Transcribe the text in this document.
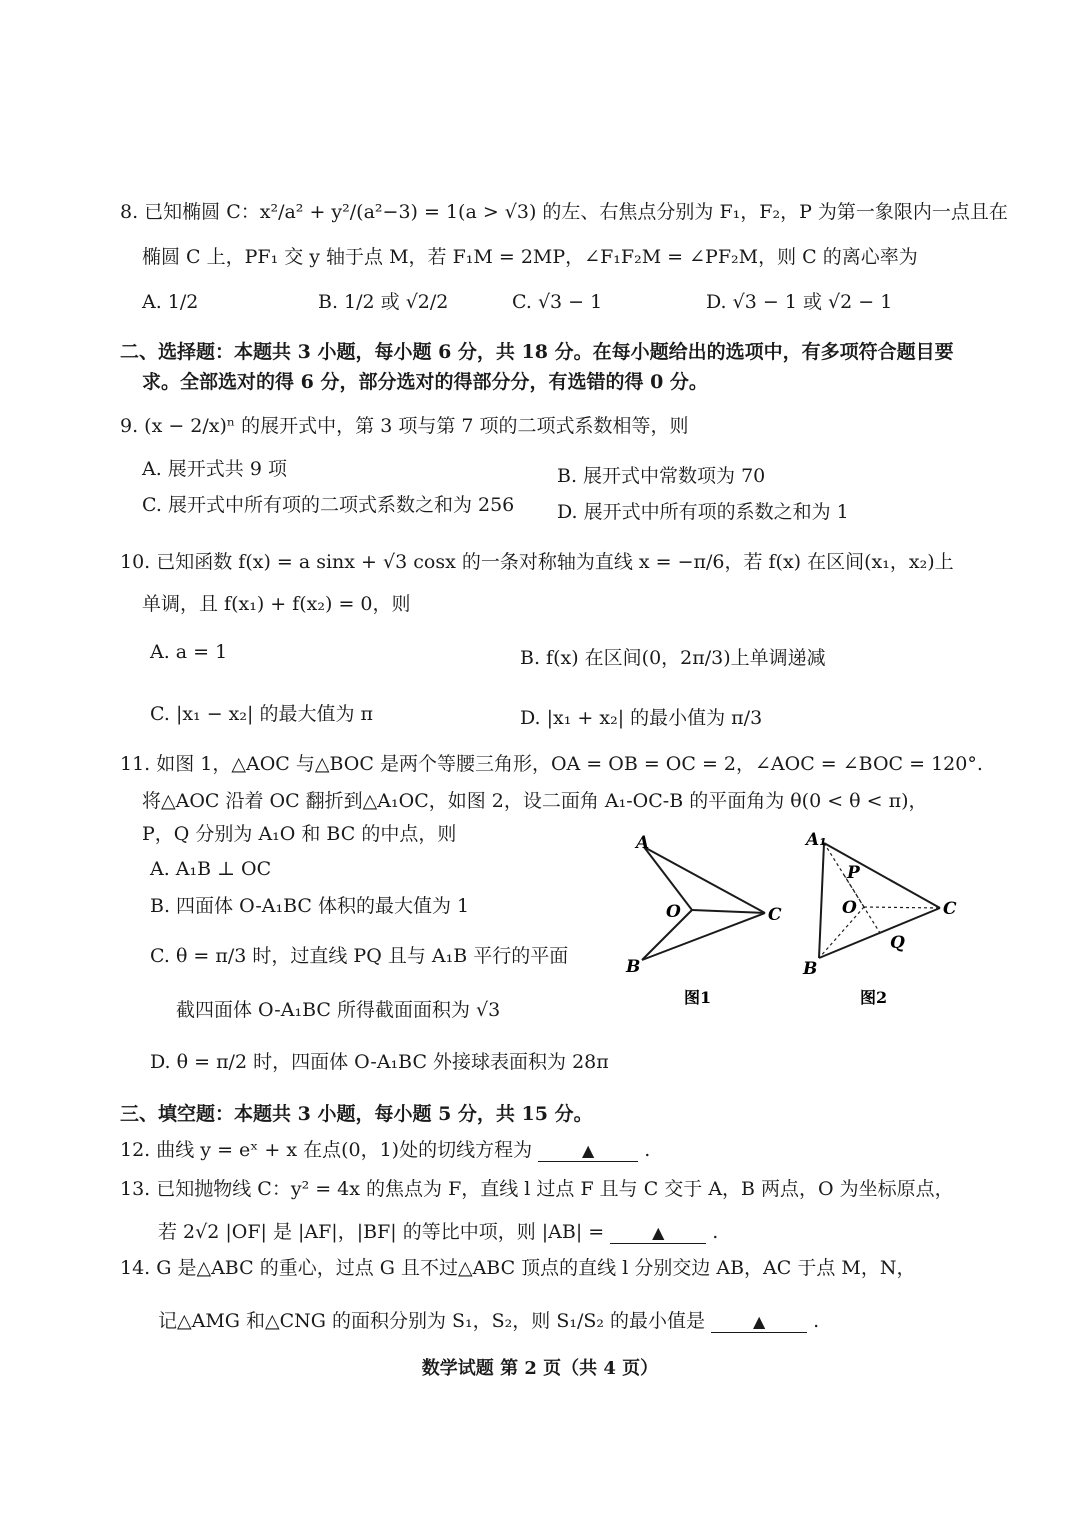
8. 已知椭圆 C：x²/a² + y²/(a²−3) = 1(a > √3) 的左、右焦点分别为 F₁，F₂，P 为第一象限内一点且在
椭圆 C 上，PF₁ 交 y 轴于点 M，若 F₁M = 2MP，∠F₁F₂M = ∠PF₂M，则 C 的离心率为
A. 1/2	B. 1/2 或 √2/2	C. √3 − 1	D. √3 − 1 或 √2 − 1
二、选择题：本题共 3 小题，每小题 6 分，共 18 分。在每小题给出的选项中，有多项符合题目要
求。全部选对的得 6 分，部分选对的得部分分，有选错的得 0 分。
9. (x − 2/x)ⁿ 的展开式中，第 3 项与第 7 项的二项式系数相等，则
A. 展开式共 9 项	B. 展开式中常数项为 70
C. 展开式中所有项的二项式系数之和为 256 D. 展开式中所有项的系数之和为 1
10. 已知函数 f(x) = a sinx + √3 cosx 的一条对称轴为直线 x = −π/6，若 f(x) 在区间(x₁，x₂)上
单调，且 f(x₁) + f(x₂) = 0，则
A. a = 1	B. f(x) 在区间(0，2π/3)上单调递减
C. |x₁ − x₂| 的最大值为 π	D. |x₁ + x₂| 的最小值为 π/3
11. 如图 1，△AOC 与△BOC 是两个等腰三角形，OA = OB = OC = 2，∠AOC = ∠BOC = 120°.
将△AOC 沿着 OC 翻折到△A₁OC，如图 2，设二面角 A₁-OC-B 的平面角为 θ(0 < θ < π)，
P，Q 分别为 A₁O 和 BC 的中点，则
A. A₁B ⊥ OC
B. 四面体 O-A₁BC 体积的最大值为 1
C. θ = π/3 时，过直线 PQ 且与 A₁B 平行的平面
截四面体 O-A₁BC 所得截面面积为 √3
D. θ = π/2 时，四面体 O-A₁BC 外接球表面积为 28π
A
O
B
C
图1
A₁
P
O	C
Q
B
图2
三、填空题：本题共 3 小题，每小题 5 分，共 15 分。
12. 曲线 y = eˣ + x 在点(0，1)处的切线方程为	▲	.
13. 已知抛物线 C：y² = 4x 的焦点为 F，直线 l 过点 F 且与 C 交于 A，B 两点，O 为坐标原点，
若 2√2 |OF| 是 |AF|，|BF| 的等比中项，则 |AB| =	▲	.
14. G 是△ABC 的重心，过点 G 且不过△ABC 顶点的直线 l 分别交边 AB，AC 于点 M，N，
记△AMG 和△CNG 的面积分别为 S₁，S₂，则 S₁/S₂ 的最小值是	▲	.
数学试题 第 2 页（共 4 页）
